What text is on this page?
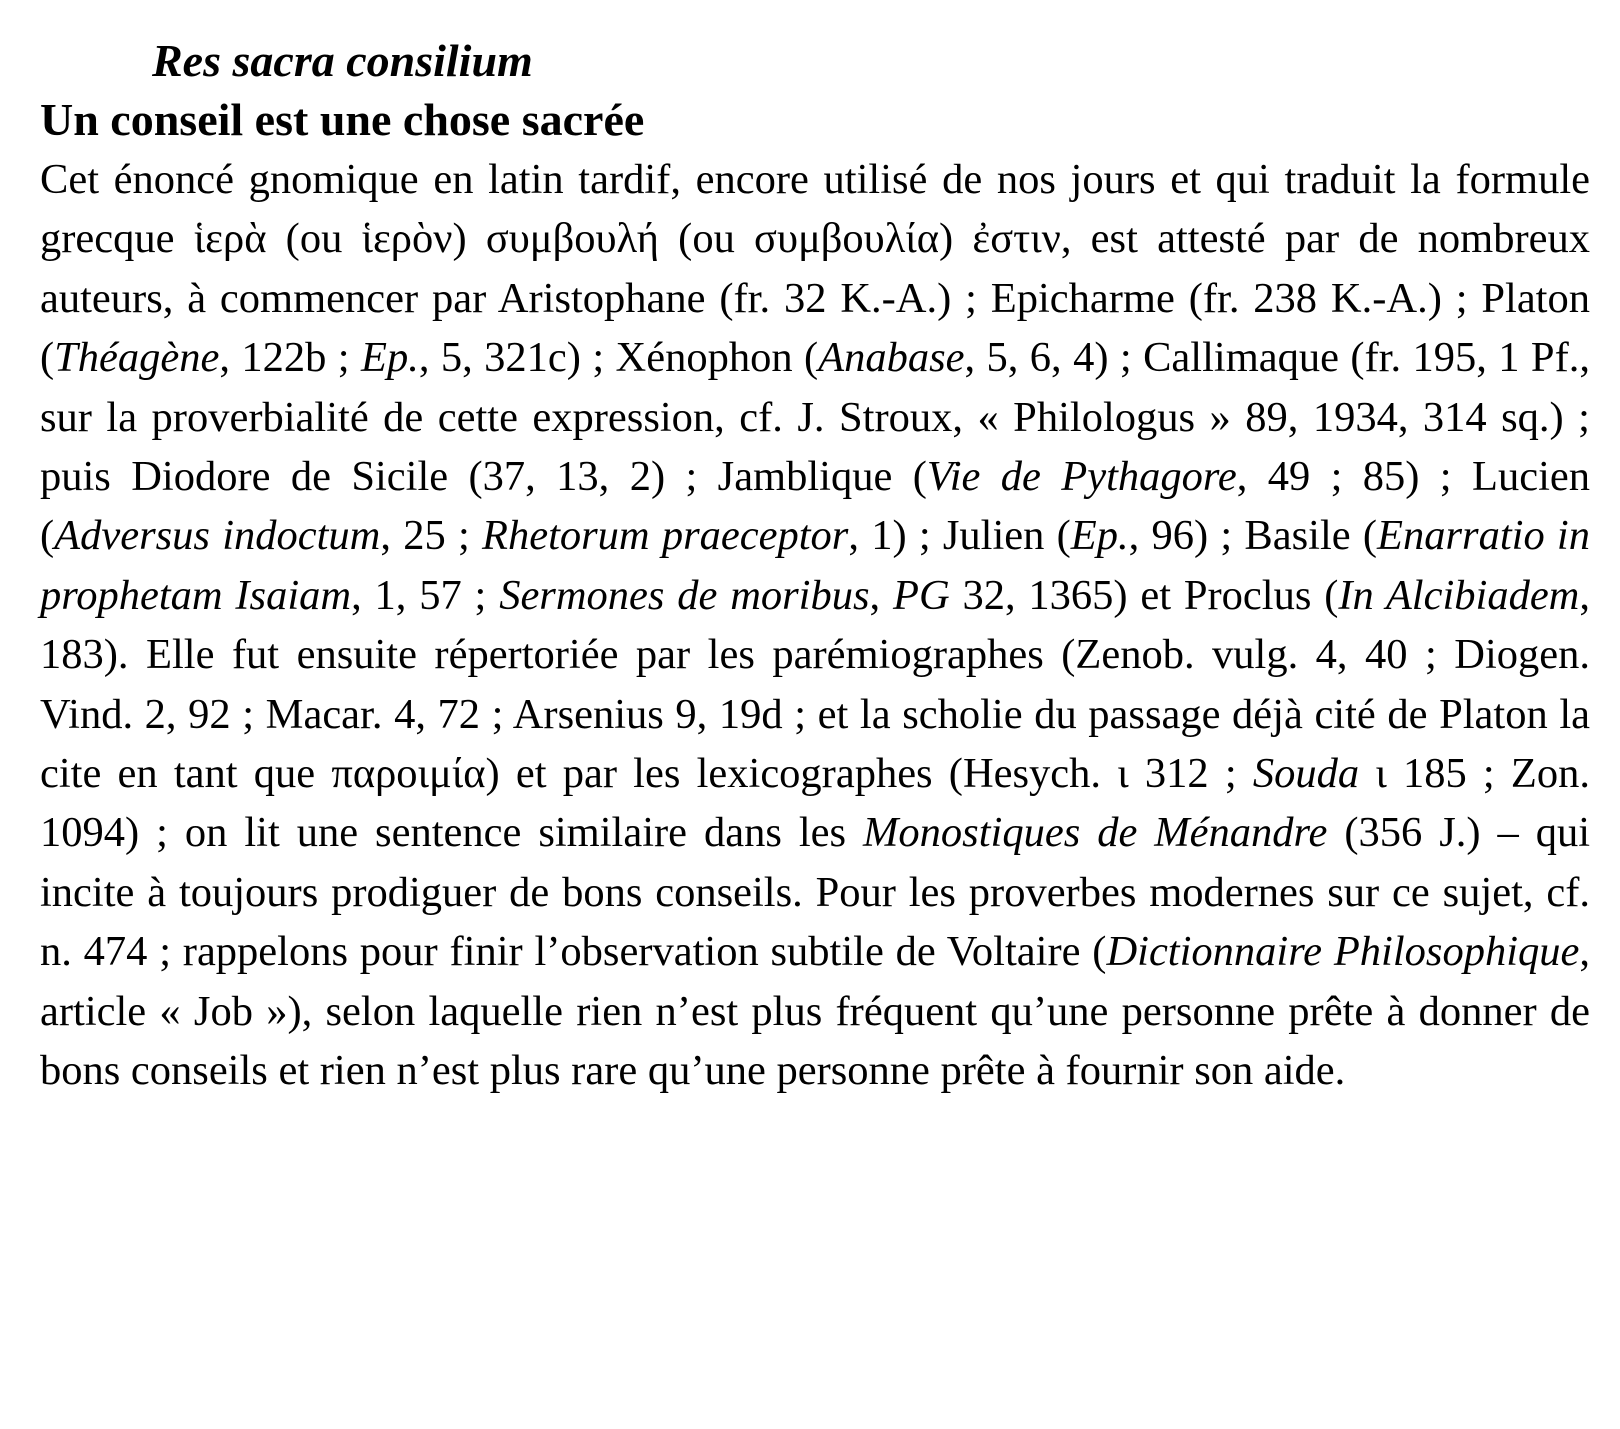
Res sacra consilium
Un conseil est une chose sacrée

Cet énoncé gnomique en latin tardif, encore utilisé de nos jours et qui traduit la formule grecque ἱερὰ (ou ἱερὸν) συμβουλή (ou συμβουλία) ἐστιν, est attesté par de nombreux auteurs, à commencer par Aristophane (fr. 32 K.-A.) ; Epicharme (fr. 238 K.-A.) ; Platon (Théagène, 122b ; Ep., 5, 321c) ; Xénophon (Anabase, 5, 6, 4) ; Callimaque (fr. 195, 1 Pf., sur la proverbialité de cette expression, cf. J. Stroux, « Philologus » 89, 1934, 314 sq.) ; puis Diodore de Sicile (37, 13, 2) ; Jamblique (Vie de Pythagore, 49 ; 85) ; Lucien (Adversus indoctum, 25 ; Rhetorum praeceptor, 1) ; Julien (Ep., 96) ; Basile (Enarratio in prophetam Isaiam, 1, 57 ; Sermones de moribus, PG 32, 1365) et Proclus (In Alcibiadem, 183). Elle fut ensuite répertoriée par les parémiographes (Zenob. vulg. 4, 40 ; Diogen. Vind. 2, 92 ; Macar. 4, 72 ; Arsenius 9, 19d ; et la scholie du passage déjà cité de Platon la cite en tant que παροιμία) et par les lexicographes (Hesych. ι 312 ; Souda ι 185 ; Zon. 1094) ; on lit une sentence similaire dans les Monostiques de Ménandre (356 J.) – qui incite à toujours prodiguer de bons conseils. Pour les proverbes modernes sur ce sujet, cf. n. 474 ; rappelons pour finir l’observation subtile de Voltaire (Dictionnaire Philosophique, article « Job »), selon laquelle rien n’est plus fréquent qu’une personne prête à donner de bons conseils et rien n’est plus rare qu’une personne prête à fournir son aide.
